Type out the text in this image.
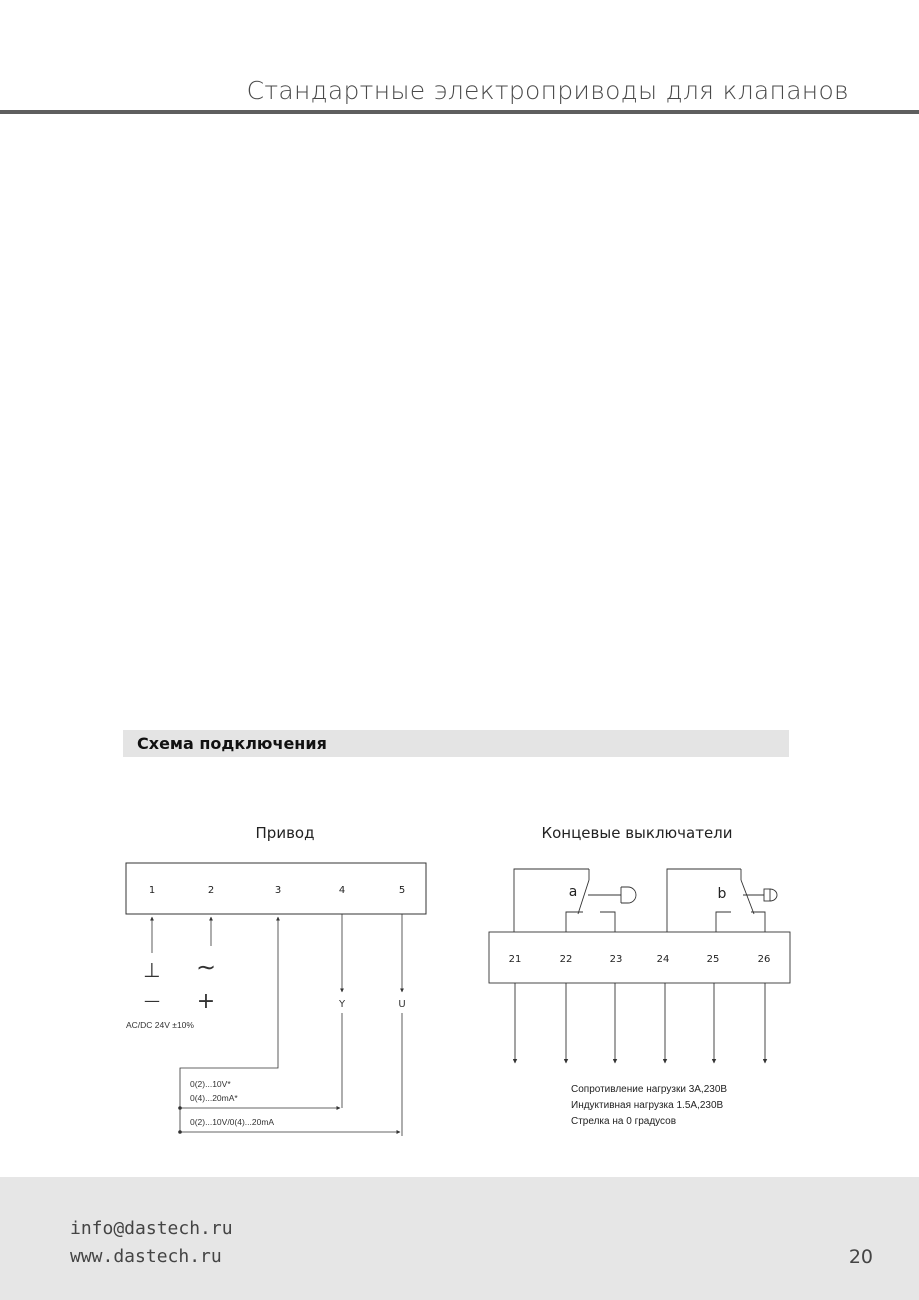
Стандартные электроприводы для клапанов
Схема подключения
Привод
1	2	3	4	5
⊥ ∼
— +	Y	U
AC/DC 24V ±10%
0(2)...10V*
0(4)...20mA*
0(2)...10V/0(4)...20mA
Концевые выключатели
a	b
21	22	23	24	25	26
Сопротивление нагрузки 3А,230В
Индуктивная нагрузка 1.5А,230В
Стрелка на 0 градусов
info@dastech.ru
www.dastech.ru	20
